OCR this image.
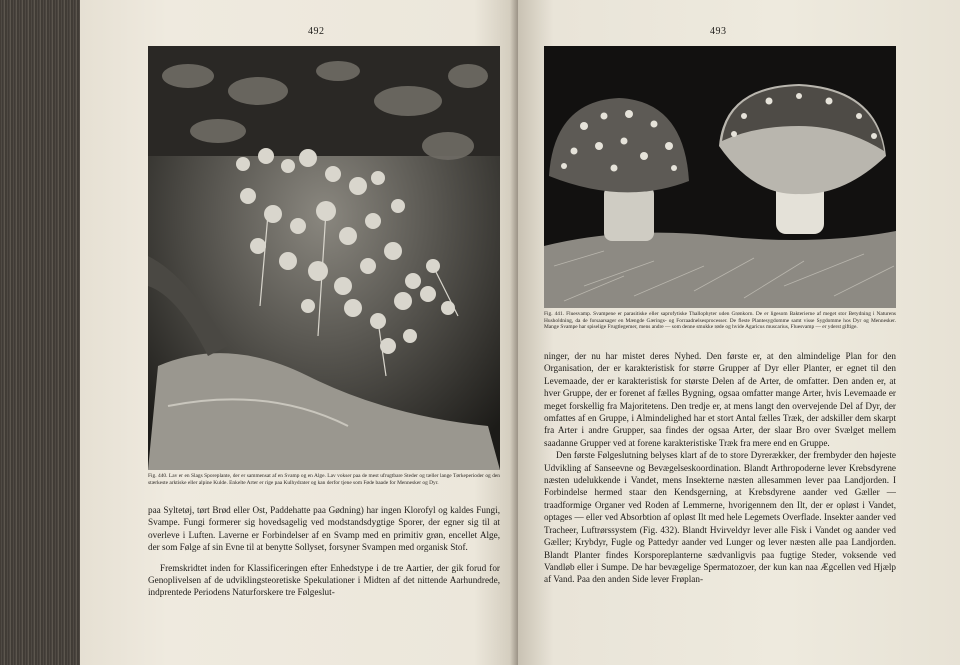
492
Fig. 440. Lav er en Slags Sporeplante, der er sammensat af en Svamp og en Alge. Lav vokser paa de mest ufrugtbare Steder og tæller lange Tørkeperioder og den stærkeste arktiske eller alpine Kulde. Enkelte Arter er rige paa Kulhydrater og kan derfor tjene som Føde baade for Mennesker og Dyr.

paa Syltetøj, tørt Brød eller Ost, Paddehatte paa Gødning) har ingen Klorofyl og kaldes Fungi, Svampe. Fungi formerer sig hovedsagelig ved modstandsdygtige Sporer, der egner sig til at overleve i Luften. Laverne er Forbindelser af en Svamp med en primitiv grøn, encellet Alge, der som Følge af sin Evne til at benytte Sollyset, forsyner Svampen med organisk Stof.

Fremskridtet inden for Klassificeringen efter Enhedstype i de tre Aartier, der gik forud for Genoplivelsen af de udviklingsteoretiske Spekulationer i Midten af det nittende Aarhundrede, indprentede Periodens Naturforskere tre Følgeslut-

493
Fig. 441. Fluesvamp. Svampene er parasitiske eller saprofytiske Thallophyter uden Grønkorn. De er ligesom Bakterierne af meget stor Betydning i Naturens Husholdning, da de forsaarsager en Mængde Gærings- og Forraadnelsesprocesser. De fleste Plantesygdomme samt visse Sygdomme hos Dyr og Mennesker. Mange Svampe har spiselige Frugtlegemer, mens andre — som denne smukke røde og hvide Agaricus muscarius, Fluesvamp — er yderst giftige.

ninger, der nu har mistet deres Nyhed. Den første er, at den almindelige Plan for den Organisation, der er karakteristisk for større Grupper af Dyr eller Planter, er egnet til den Levemaade, der er karakteristisk for største Delen af de Arter, de omfatter. Den anden er, at hver Gruppe, der er forenet af fælles Bygning, ogsaa omfatter mange Arter, hvis Levemaade er meget forskellig fra Majoritetens. Den tredje er, at mens langt den overvejende Del af Dyr, der omfattes af en Gruppe, i Almindelighed har et stort Antal fælles Træk, der adskiller dem skarpt fra Arter i andre Grupper, saa findes der ogsaa Arter, der slaar Bro over Svælget mellem saadanne Grupper ved at forene karakteristiske Træk fra mere end en Gruppe.

Den første Følgeslutning belyses klart af de to store Dyrerækker, der frembyder den højeste Udvikling af Sanseevne og Bevægelseskoordination. Blandt Arthropoderne lever Krebsdyrene næsten udelukkende i Vandet, mens Insekterne næsten allesammen lever paa Landjorden. I Forbindelse hermed staar den Kendsgerning, at Krebsdyrene aander ved Gæller — traadformige Organer ved Roden af Lemmerne, hvorigennem den Ilt, der er opløst i Vandet, optages — eller ved Absorbtion af opløst Ilt med hele Legemets Overflade. Insekter aander ved Tracheer, Luftrørssystem (Fig. 432). Blandt Hvirveldyr lever alle Fisk i Vandet og aander ved Gæller; Krybdyr, Fugle og Pattedyr aander ved Lunger og lever næsten alle paa Landjorden. Blandt Planter findes Korsporeplanterne sædvanligvis paa fugtige Steder, voksende ved Vandløb eller i Sumpe. De har bevægelige Spermatozoer, der kun kan naa Ægcellen ved Hjælp af Vand. Paa den anden Side lever Frøplan-
